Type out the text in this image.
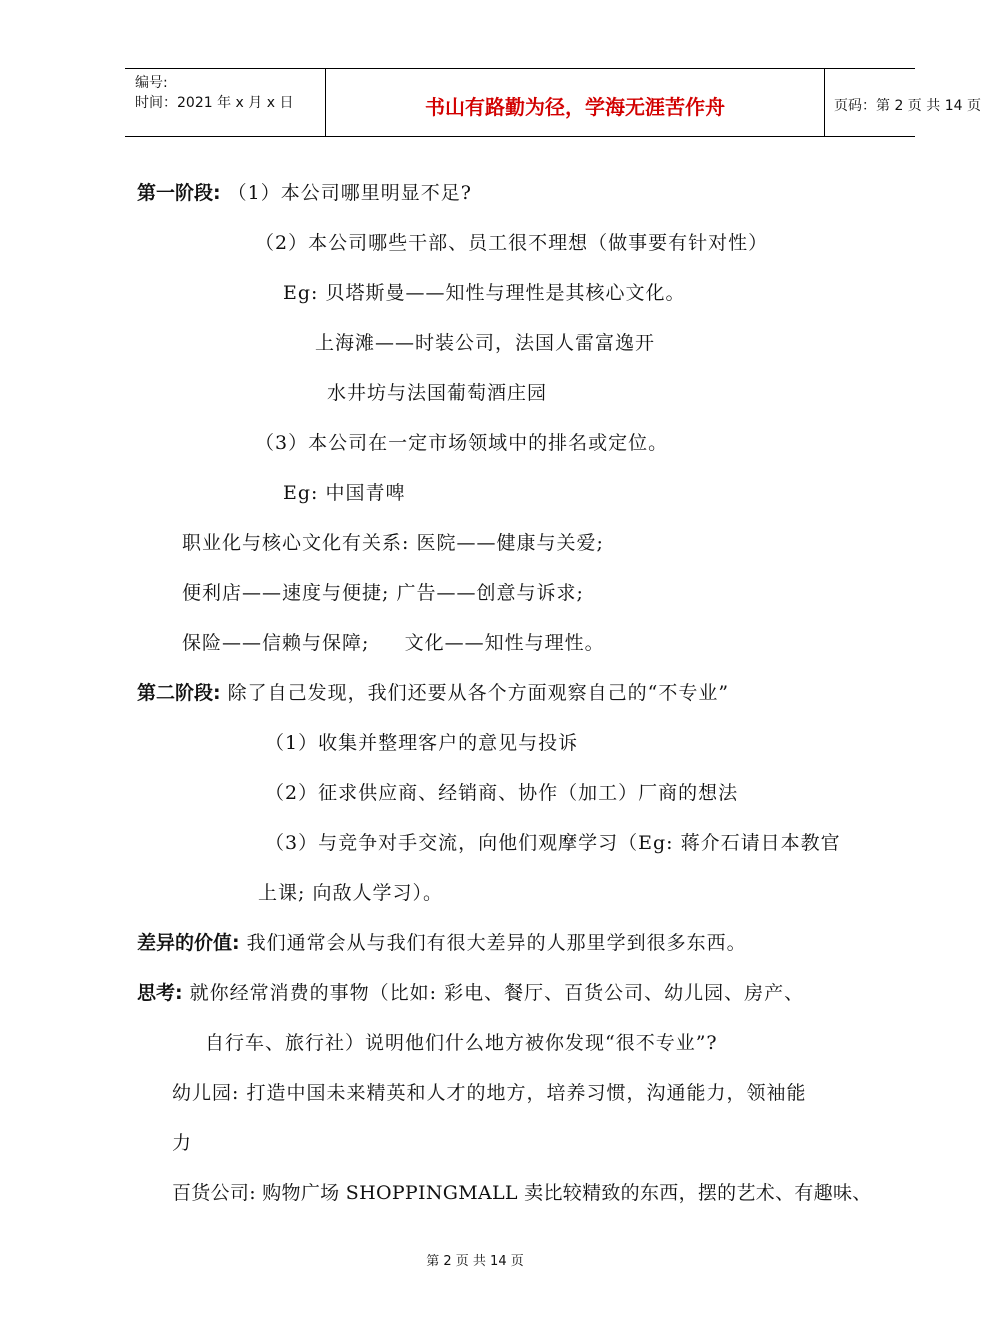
编号:
时间：2021 年 x 月 x 日	书山有路勤为径，学海无涯苦作舟	页码：第 2 页 共 14 页
第一阶段: （1）本公司哪里明显不足?
（2）本公司哪些干部、员工很不理想（做事要有针对性）
Eg: 贝塔斯曼——知性与理性是其核心文化。
上海滩——时装公司，法国人雷富逸开
水井坊与法国葡萄酒庄园
（3）本公司在一定市场领域中的排名或定位。
Eg: 中国青啤
职业化与核心文化有关系: 医院——健康与关爱;
便利店——速度与便捷; 广告——创意与诉求;
保险——信赖与保障;     文化——知性与理性。
第二阶段: 除了自己发现，我们还要从各个方面观察自己的“不专业”
（1）收集并整理客户的意见与投诉
（2）征求供应商、经销商、协作（加工）厂商的想法
（3）与竞争对手交流，向他们观摩学习（Eg: 蒋介石请日本教官
上课; 向敌人学习）。
差异的价值: 我们通常会从与我们有很大差异的人那里学到很多东西。
思考: 就你经常消费的事物（比如: 彩电、餐厅、百货公司、幼儿园、房产、
自行车、旅行社）说明他们什么地方被你发现“很不专业”?
幼儿园: 打造中国未来精英和人才的地方，培养习惯，沟通能力，领袖能
力
百货公司: 购物广场 SHOPPINGMALL 卖比较精致的东西，摆的艺术、有趣味、
第 2 页 共 14 页
